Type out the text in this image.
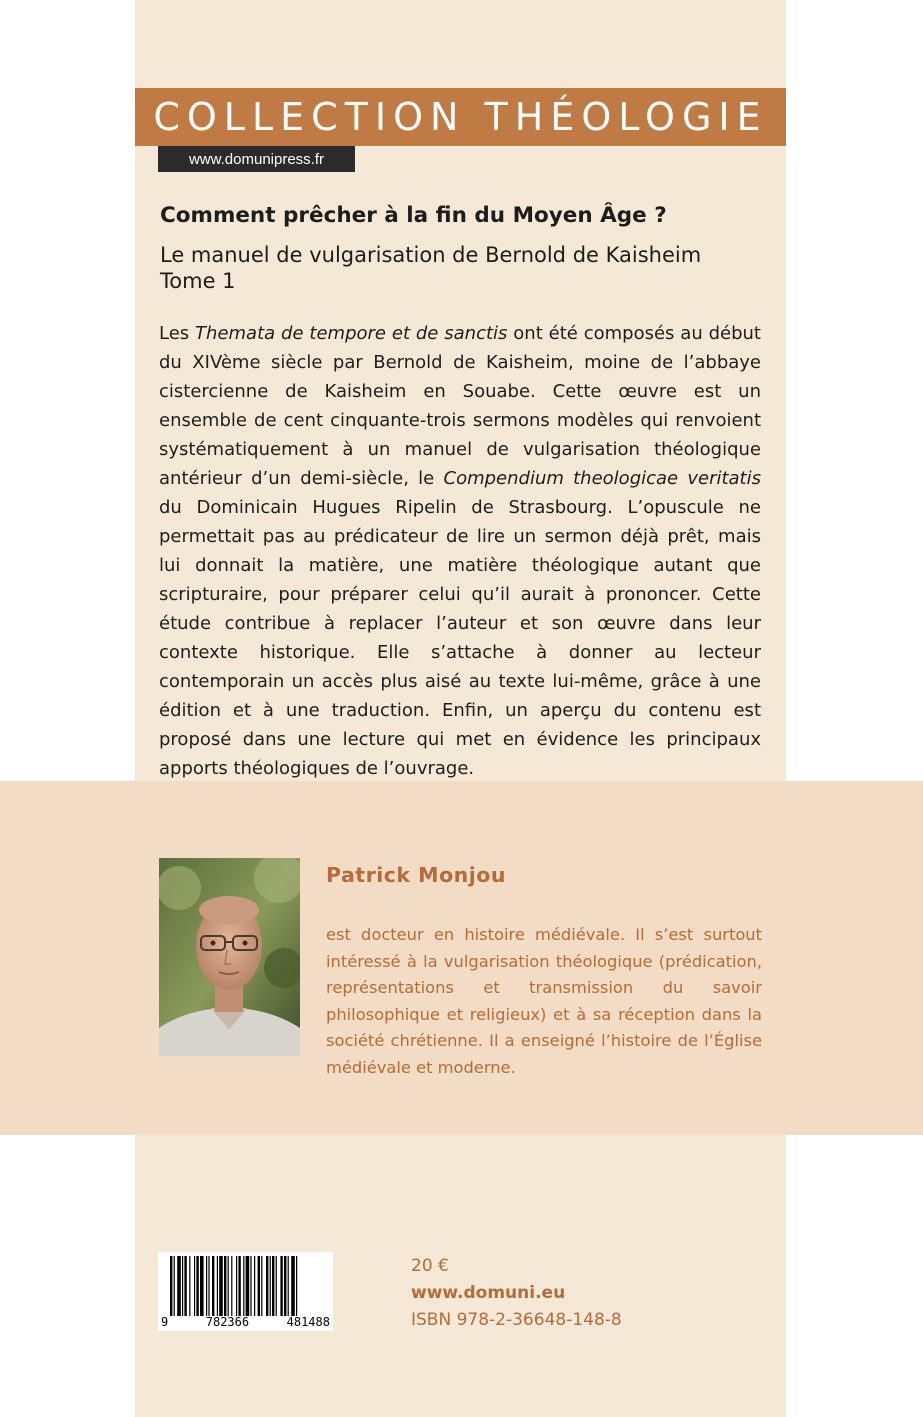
COLLECTION THÉOLOGIE
www.domunipress.fr
Comment prêcher à la fin du Moyen Âge ?
Le manuel de vulgarisation de Bernold de Kaisheim
Tome 1

Les Themata de tempore et de sanctis ont été composés au début du XIVème siècle par Bernold de Kaisheim, moine de l’abbaye cistercienne de Kaisheim en Souabe. Cette œuvre est un ensemble de cent cinquante-trois sermons modèles qui renvoient systématiquement à un manuel de vulgarisation théologique antérieur d’un demi-siècle, le Compendium theologicae veritatis du Dominicain Hugues Ripelin de Strasbourg. L’opuscule ne permettait pas au prédicateur de lire un sermon déjà prêt, mais lui donnait la matière, une matière théologique autant que scripturaire, pour préparer celui qu’il aurait à prononcer. Cette étude contribue à replacer l’auteur et son œuvre dans leur contexte historique. Elle s’attache à donner au lecteur contemporain un accès plus aisé au texte lui-même, grâce à une édition et à une traduction. Enfin, un aperçu du contenu est proposé dans une lecture qui met en évidence les principaux apports théologiques de l’ouvrage.

Patrick Monjou

est docteur en histoire médiévale. Il s’est surtout intéressé à la vulgarisation théologique (prédication, représentations et transmission du savoir philosophique et religieux) et à sa réception dans la société chrétienne. Il a enseigné l’histoire de l’Église médiévale et moderne.

9	782366	481488
20 €
www.domuni.eu
ISBN 978-2-36648-148-8
